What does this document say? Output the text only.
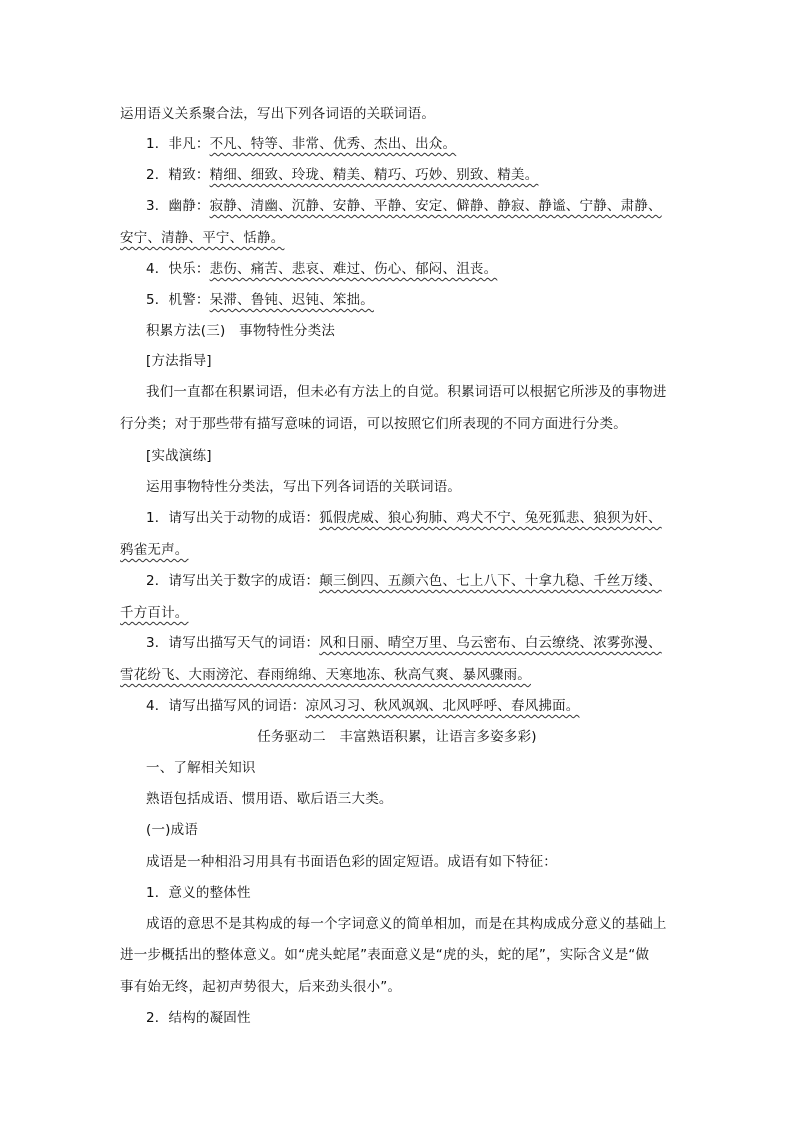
运用语义关系聚合法，写出下列各词语的关联词语。
1．非凡：不凡、特等、非常、优秀、杰出、出众。
2．精致：精细、细致、玲珑、精美、精巧、巧妙、别致、精美。
3．幽静：寂静、清幽、沉静、安静、平静、安定、僻静、静寂、静谧、宁静、肃静、
安宁、清静、平宁、恬静。
4．快乐：悲伤、痛苦、悲哀、难过、伤心、郁闷、沮丧。
5．机警：呆滞、鲁钝、迟钝、笨拙。
积累方法(三)　事物特性分类法
[方法指导]
我们一直都在积累词语，但未必有方法上的自觉。积累词语可以根据它所涉及的事物进
行分类；对于那些带有描写意味的词语，可以按照它们所表现的不同方面进行分类。
[实战演练]
运用事物特性分类法，写出下列各词语的关联词语。
1．请写出关于动物的成语：狐假虎威、狼心狗肺、鸡犬不宁、兔死狐悲、狼狈为奸、
鸦雀无声。
2．请写出关于数字的成语：颠三倒四、五颜六色、七上八下、十拿九稳、千丝万缕、
千方百计。
3．请写出描写天气的词语：风和日丽、晴空万里、乌云密布、白云缭绕、浓雾弥漫、
雪花纷飞、大雨滂沱、春雨绵绵、天寒地冻、秋高气爽、暴风骤雨。
4．请写出描写风的词语：凉风习习、秋风飒飒、北风呼呼、春风拂面。
任务驱动二　丰富熟语积累，让语言多姿多彩)
一、了解相关知识
熟语包括成语、惯用语、歇后语三大类。
(一)成语
成语是一种相沿习用具有书面语色彩的固定短语。成语有如下特征：
1．意义的整体性
成语的意思不是其构成的每一个字词意义的简单相加，而是在其构成成分意义的基础上
进一步概括出的整体意义。如“虎头蛇尾”表面意义是“虎的头，蛇的尾”，实际含义是“做
事有始无终，起初声势很大，后来劲头很小”。
2．结构的凝固性
